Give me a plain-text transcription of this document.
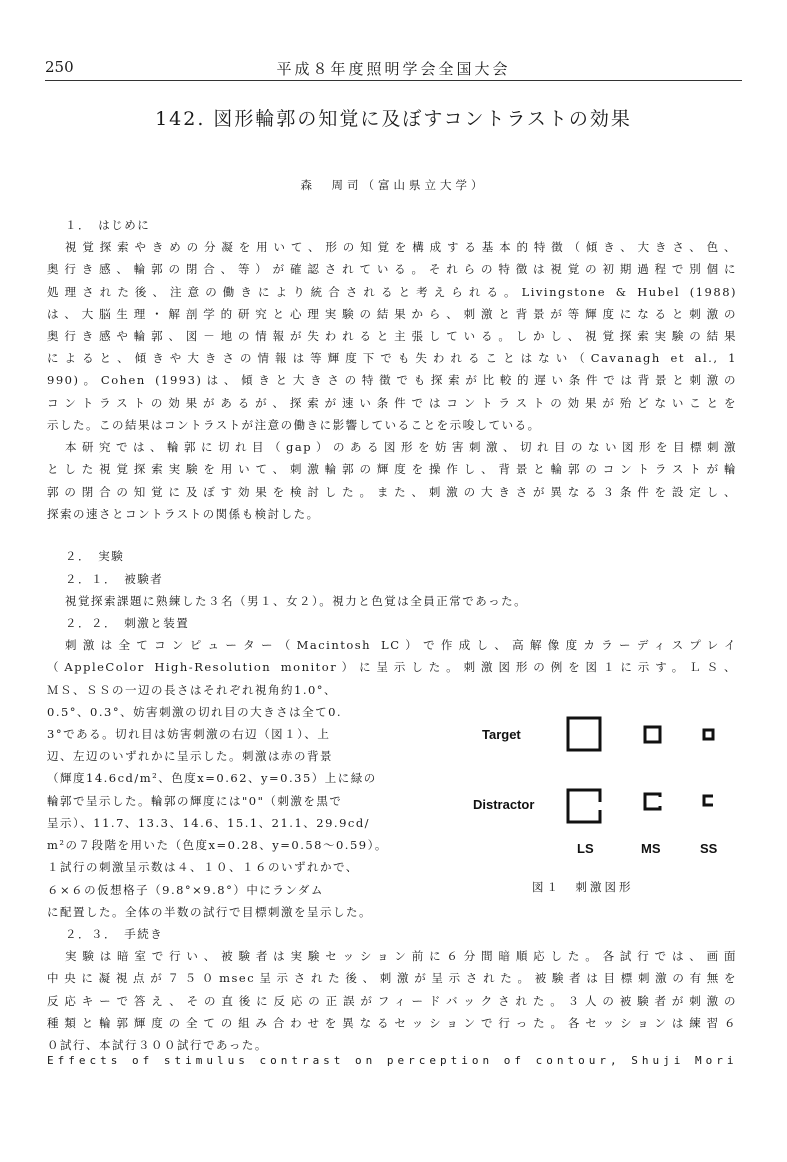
250	平成８年度照明学会全国大会
142. 図形輪郭の知覚に及ぼすコントラストの効果
森　周司（富山県立大学）
１．　はじめに
視覚探索やきめの分凝を用いて、形の知覚を構成する基本的特徴（傾き、大きさ、色、
奥行き感、輪郭の閉合、等）が確認されている。それらの特徴は視覚の初期過程で別個に
処理された後、注意の働きにより統合されると考えられる。Livingstone & Hubel (1988)
は、大脳生理・解剖学的研究と心理実験の結果から、刺激と背景が等輝度になると刺激の
奥行き感や輪郭、図－地の情報が失われると主張している。しかし、視覚探索実験の結果
によると、傾きや大きさの情報は等輝度下でも失われることはない（Cavanagh et al., 1
990)。Cohen (1993)は、傾きと大きさの特徴でも探索が比較的遅い条件では背景と刺激の
コントラストの効果があるが、探索が速い条件ではコントラストの効果が殆どないことを
示した。この結果はコントラストが注意の働きに影響していることを示唆している。
本研究では、輪郭に切れ目（gap）のある図形を妨害刺激、切れ目のない図形を目標刺激
とした視覚探索実験を用いて、刺激輪郭の輝度を操作し、背景と輪郭のコントラストが輪
郭の閉合の知覚に及ぼす効果を検討した。また、刺激の大きさが異なる３条件を設定し、
探索の速さとコントラストの関係も検討した。
２．　実験
２．１．　被験者
視覚探索課題に熟練した３名（男１、女２）。視力と色覚は全員正常であった。
２．２．　刺激と装置
刺激は全てコンピューター（Macintosh LC）で作成し、高解像度カラーディスプレイ
（AppleColor High-Resolution monitor）に呈示した。刺激図形の例を図１に示す。ＬＳ、
ＭＳ、ＳＳの一辺の長さはそれぞれ視角約1.0°、
0.5°、0.3°、妨害刺激の切れ目の大きさは全て0.
3°である。切れ目は妨害刺激の右辺（図１）、上
辺、左辺のいずれかに呈示した。刺激は赤の背景
（輝度14.6cd/m²、色度x=0.62、y=0.35）上に緑の
輪郭で呈示した。輪郭の輝度には"0"（刺激を黒で
呈示）、11.7、13.3、14.6、15.1、21.1、29.9cd/
m²の７段階を用いた（色度x=0.28、y=0.58～0.59）。
１試行の刺激呈示数は４、１０、１６のいずれかで、
６×６の仮想格子（9.8°×9.8°）中にランダム
に配置した。全体の半数の試行で目標刺激を呈示した。
２．３．　手続き
実験は暗室で行い、被験者は実験セッション前に６分間暗順応した。各試行では、画面
中央に凝視点が７５０msec呈示された後、刺激が呈示された。被験者は目標刺激の有無を
反応キーで答え、その直後に反応の正誤がフィードバックされた。３人の被験者が刺激の
種類と輪郭輝度の全ての組み合わせを異なるセッションで行った。各セッションは練習６
０試行、本試行３００試行であった。
Target
Distractor
LS	MS	SS
図１　刺激図形
Effects of stimulus contrast on perception of contour, Shuji Mori
